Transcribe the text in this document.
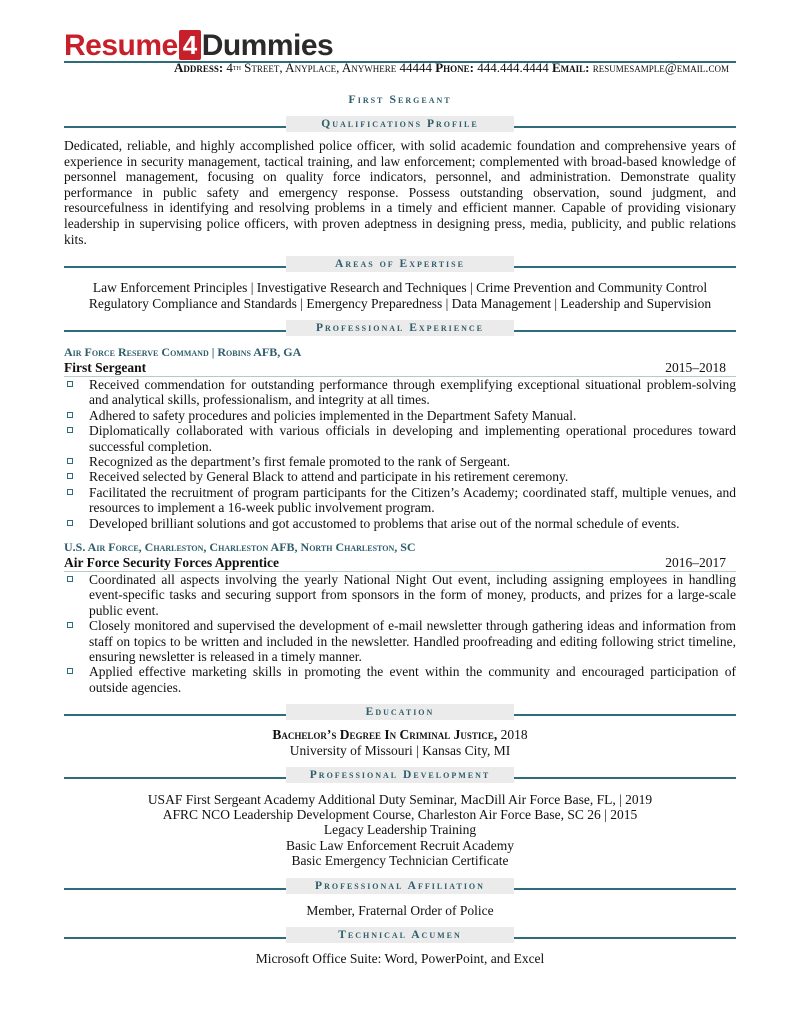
Resume 4 Dummies
Address: 4th Street, Anyplace, Anywhere 44444 Phone: 444.444.4444 Email: resumesample@email.com
First Sergeant
Qualifications Profile
Dedicated, reliable, and highly accomplished police officer, with solid academic foundation and comprehensive years of experience in security management, tactical training, and law enforcement; complemented with broad-based knowledge of personnel management, focusing on quality force indicators, personnel, and administration. Demonstrate quality performance in public safety and emergency response. Possess outstanding observation, sound judgment, and resourcefulness in identifying and resolving problems in a timely and efficient manner. Capable of providing visionary leadership in supervising police officers, with proven adeptness in designing press, media, publicity, and public relations kits.
Areas of Expertise
Law Enforcement Principles | Investigative Research and Techniques | Crime Prevention and Community Control
Regulatory Compliance and Standards | Emergency Preparedness | Data Management | Leadership and Supervision
Professional Experience
Air Force Reserve Command | Robins AFB, GA
First Sergeant	2015–2018
Received commendation for outstanding performance through exemplifying exceptional situational problem-solving and analytical skills, professionalism, and integrity at all times.
Adhered to safety procedures and policies implemented in the Department Safety Manual.
Diplomatically collaborated with various officials in developing and implementing operational procedures toward successful completion.
Recognized as the department’s first female promoted to the rank of Sergeant.
Received selected by General Black to attend and participate in his retirement ceremony.
Facilitated the recruitment of program participants for the Citizen’s Academy; coordinated staff, multiple venues, and resources to implement a 16-week public involvement program.
Developed brilliant solutions and got accustomed to problems that arise out of the normal schedule of events.
U.S. Air Force, Charleston, Charleston AFB, North Charleston, SC
Air Force Security Forces Apprentice	2016–2017
Coordinated all aspects involving the yearly National Night Out event, including assigning employees in handling event-specific tasks and securing support from sponsors in the form of money, products, and prizes for a large-scale public event.
Closely monitored and supervised the development of e-mail newsletter through gathering ideas and information from staff on topics to be written and included in the newsletter. Handled proofreading and editing following strict timeline, ensuring newsletter is released in a timely manner.
Applied effective marketing skills in promoting the event within the community and encouraged participation of outside agencies.
Education
Bachelor’s Degree In Criminal Justice, 2018
University of Missouri | Kansas City, MI
Professional Development
USAF First Sergeant Academy Additional Duty Seminar, MacDill Air Force Base, FL, | 2019
AFRC NCO Leadership Development Course, Charleston Air Force Base, SC 26 | 2015
Legacy Leadership Training
Basic Law Enforcement Recruit Academy
Basic Emergency Technician Certificate
Professional Affiliation
Member, Fraternal Order of Police
Technical Acumen
Microsoft Office Suite: Word, PowerPoint, and Excel
